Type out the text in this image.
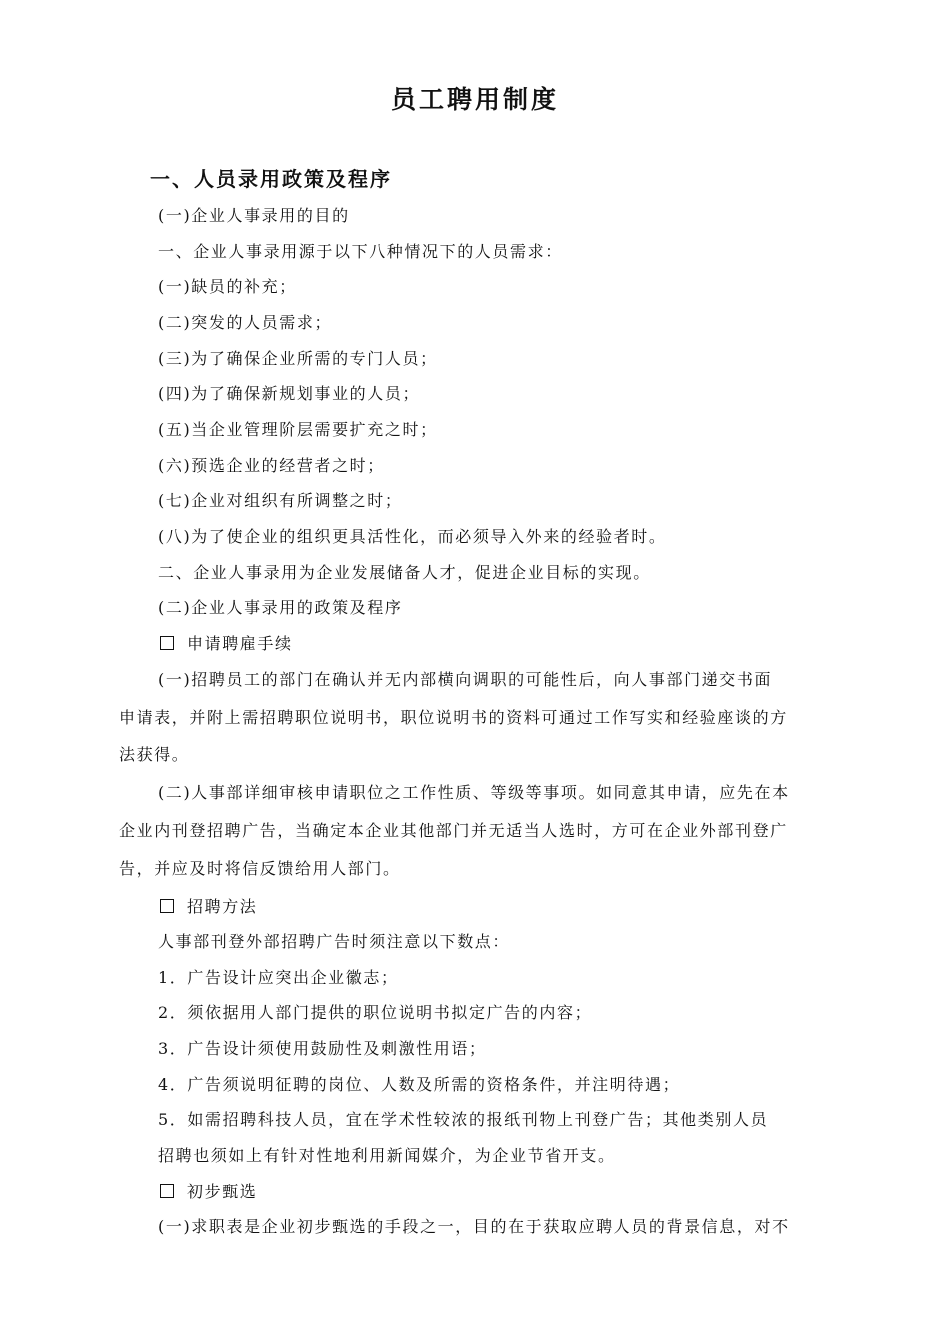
员工聘用制度
一、人员录用政策及程序
(一)企业人事录用的目的
一、企业人事录用源于以下八种情况下的人员需求：
(一)缺员的补充；
(二)突发的人员需求；
(三)为了确保企业所需的专门人员；
(四)为了确保新规划事业的人员；
(五)当企业管理阶层需要扩充之时；
(六)预选企业的经营者之时；
(七)企业对组织有所调整之时；
(八)为了使企业的组织更具活性化，而必须导入外来的经验者时。
二、企业人事录用为企业发展储备人才，促进企业目标的实现。
(二)企业人事录用的政策及程序
申请聘雇手续
(一)招聘员工的部门在确认并无内部横向调职的可能性后，向人事部门递交书面
申请表，并附上需招聘职位说明书，职位说明书的资料可通过工作写实和经验座谈的方
法获得。
(二)人事部详细审核申请职位之工作性质、等级等事项。如同意其申请，应先在本
企业内刊登招聘广告，当确定本企业其他部门并无适当人选时，方可在企业外部刊登广
告，并应及时将信反馈给用人部门。
招聘方法
人事部刊登外部招聘广告时须注意以下数点：
1．广告设计应突出企业徽志；
2．须依据用人部门提供的职位说明书拟定广告的内容；
3．广告设计须使用鼓励性及刺激性用语；
4．广告须说明征聘的岗位、人数及所需的资格条件，并注明待遇；
5．如需招聘科技人员，宜在学术性较浓的报纸刊物上刊登广告；其他类别人员
招聘也须如上有针对性地利用新闻媒介，为企业节省开支。
初步甄选
(一)求职表是企业初步甄选的手段之一，目的在于获取应聘人员的背景信息，对不
